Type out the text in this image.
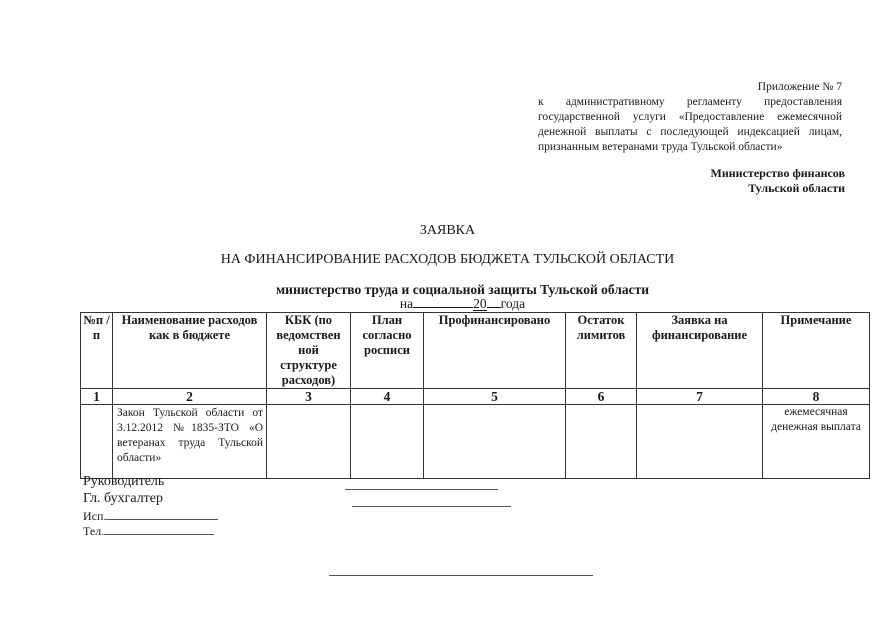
Приложение № 7
к административному регламенту предоставления государственной услуги «Предоставление ежемесячной денежной выплаты с последующей индексацией лицам, признанным ветеранами труда Тульской области»
Министерство финансов
Тульской области
ЗАЯВКА
НА ФИНАНСИРОВАНИЕ РАСХОДОВ БЮДЖЕТА ТУЛЬСКОЙ ОБЛАСТИ
министерство труда и социальной защиты Тульской области
на	20 года
№п /п	Наименование расходов как в бюджете	КБК (по ведомствен ной структуре расходов)	План согласно росписи	Профинансировано	Остаток лимитов	Заявка на финансирование	Примечание
1	2	3	4	5	6	7	8
	Закон Тульской области от 3.12.2012 №1835-ЗТО «О ветеранах труда Тульской области»						ежемесячная денежная выплата
Руководитель
Гл. бухгалтер
Исп.
Тел.
